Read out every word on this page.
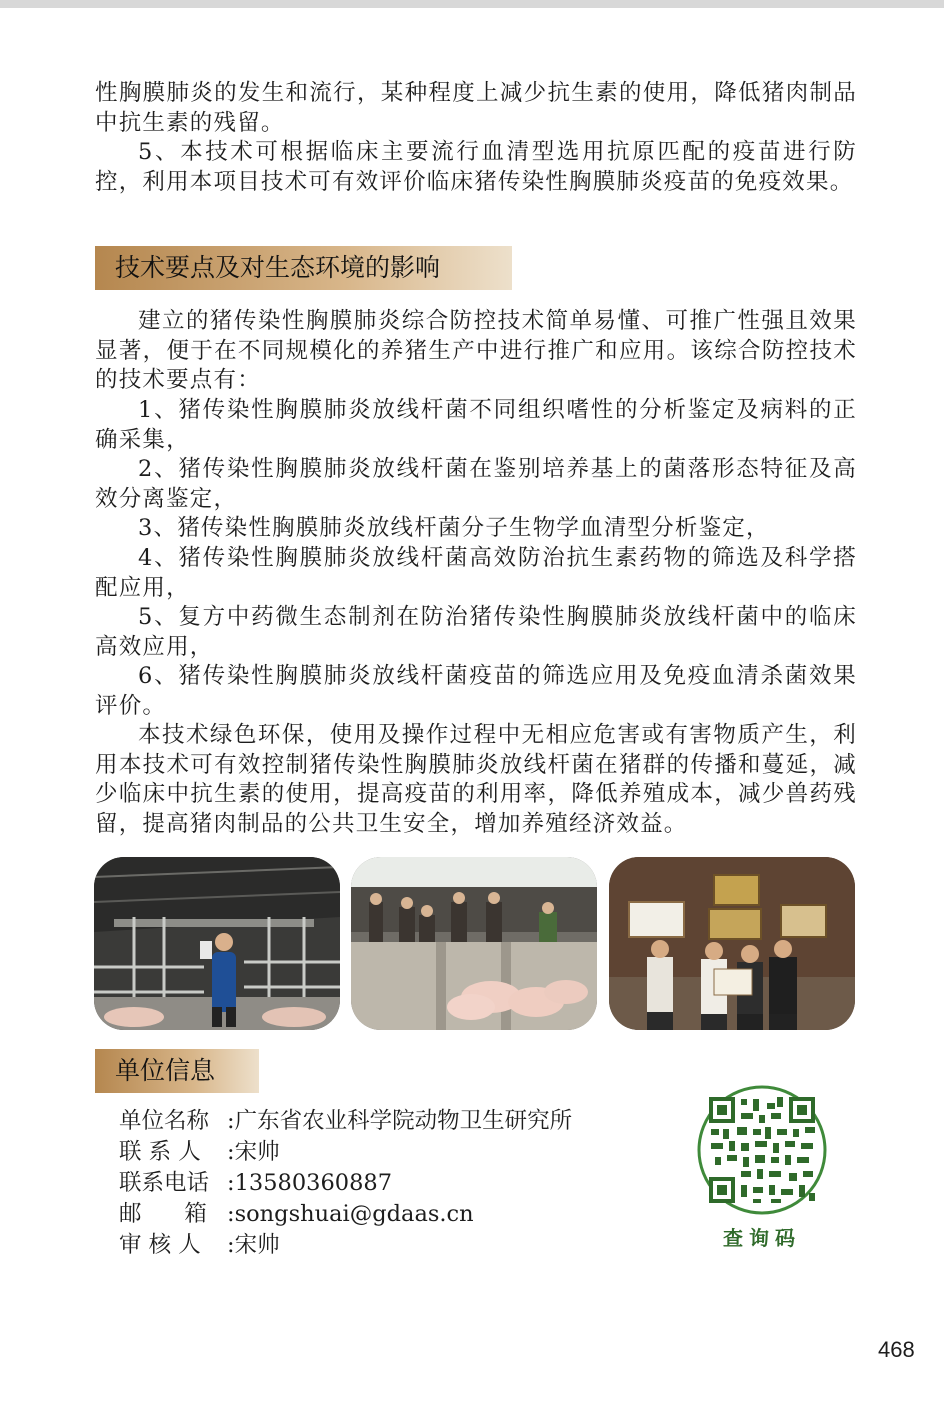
性胸膜肺炎的发生和流行，某种程度上减少抗生素的使用，降低猪肉制品中抗生素的残留。

5、本技术可根据临床主要流行血清型选用抗原匹配的疫苗进行防控，利用本项目技术可有效评价临床猪传染性胸膜肺炎疫苗的免疫效果。

技术要点及对生态环境的影响

建立的猪传染性胸膜肺炎综合防控技术简单易懂、可推广性强且效果显著，便于在不同规模化的养猪生产中进行推广和应用。该综合防控技术的技术要点有：

1、猪传染性胸膜肺炎放线杆菌不同组织嗜性的分析鉴定及病料的正确采集，

2、猪传染性胸膜肺炎放线杆菌在鉴别培养基上的菌落形态特征及高效分离鉴定，

3、猪传染性胸膜肺炎放线杆菌分子生物学血清型分析鉴定，

4、猪传染性胸膜肺炎放线杆菌高效防治抗生素药物的筛选及科学搭配应用，

5、复方中药微生态制剂在防治猪传染性胸膜肺炎放线杆菌中的临床高效应用，

6、猪传染性胸膜肺炎放线杆菌疫苗的筛选应用及免疫血清杀菌效果评价。

本技术绿色环保，使用及操作过程中无相应危害或有害物质产生，利用本技术可有效控制猪传染性胸膜肺炎放线杆菌在猪群的传播和蔓延，减少临床中抗生素的使用，提高疫苗的利用率，降低养殖成本，减少兽药残留，提高猪肉制品的公共卫生安全，增加养殖经济效益。

单位信息
单位名称 :广东省农业科学院动物卫生研究所
联 系 人 :宋帅
联系电话 :13580360887
邮      箱 :songshuai@gdaas.cn
审 核 人 :宋帅	查询码
468
